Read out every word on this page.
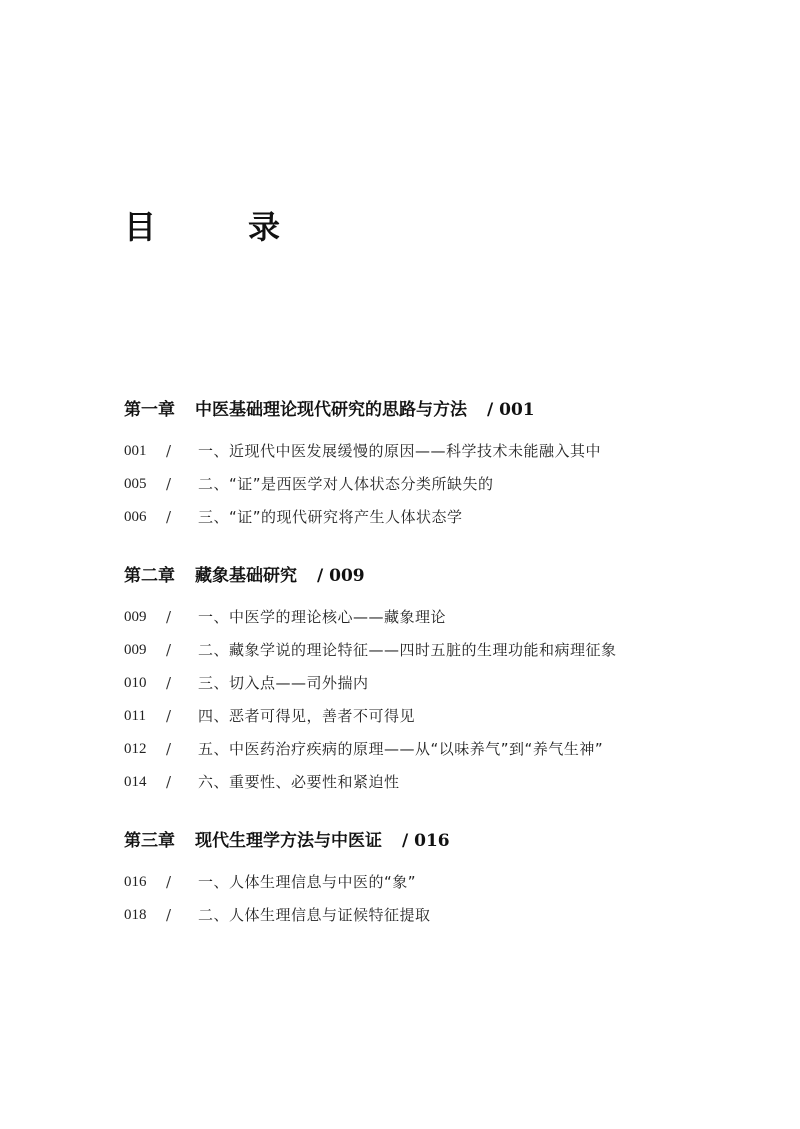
目　录
第一章 中医基础理论现代研究的思路与方法 / 001
001	/	一、近现代中医发展缓慢的原因——科学技术未能融入其中
005	/	二、“证”是西医学对人体状态分类所缺失的
006	/	三、“证”的现代研究将产生人体状态学
第二章 藏象基础研究 / 009
009	/	一、中医学的理论核心——藏象理论
009	/	二、藏象学说的理论特征——四时五脏的生理功能和病理征象
010	/	三、切入点——司外揣内
011	/	四、恶者可得见，善者不可得见
012	/	五、中医药治疗疾病的原理——从“以味养气”到“养气生神”
014	/	六、重要性、必要性和紧迫性
第三章 现代生理学方法与中医证 / 016
016	/	一、人体生理信息与中医的“象”
018	/	二、人体生理信息与证候特征提取
